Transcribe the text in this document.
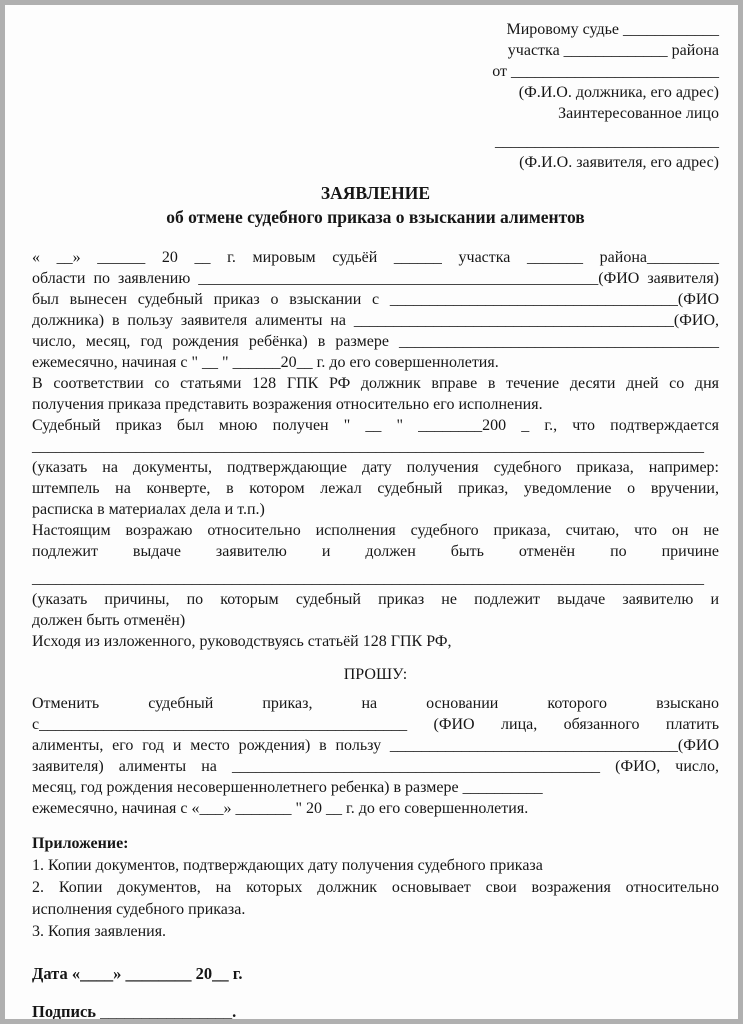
Мировому судье ____________
участка _____________ района
от __________________________
(Ф.И.О. должника, его адрес)
Заинтересованное лицо
____________________________
(Ф.И.О. заявителя, его адрес)
ЗАЯВЛЕНИЕ
об отмене судебного приказа о взыскании алиментов
« __» ______ 20 __ г. мировым судьёй ______ участка _______ района_________
области по заявлению __________________________________________________(ФИО заявителя)
был вынесен судебный приказ о взыскании с ____________________________________(ФИО
должника) в пользу заявителя алименты на ________________________________________(ФИО,
число, месяц, год рождения ребёнка) в размере ________________________________________
ежемесячно, начиная с " __ " ______20__ г. до его совершеннолетия.
В соответствии со статьями 128 ГПК РФ должник вправе в течение десяти дней со дня
получения приказа представить возражения относительно его исполнения.
Судебный приказ был мною получен " __ " ________200 _ г., что подтверждается
____________________________________________________________________________________
(указать на документы, подтверждающие дату получения судебного приказа, например:
штемпель на конверте, в котором лежал судебный приказ, уведомление о вручении,
расписка в материалах дела и т.п.)
Настоящим возражаю относительно исполнения судебного приказа, считаю, что он не
подлежит выдаче заявителю и должен быть отменён по причине
____________________________________________________________________________________
(указать причины, по которым судебный приказ не подлежит выдаче заявителю и
должен быть отменён)
Исходя из изложенного, руководствуясь статьёй 128 ГПК РФ,
ПРОШУ:
Отменить судебный приказ, на основании которого взыскано
с______________________________________________ (ФИО лица, обязанного платить
алименты, его год и место рождения) в пользу ____________________________________(ФИО
заявителя) алименты на ______________________________________________ (ФИО, число,
месяц, год рождения несовершеннолетнего ребенка) в размере __________
ежемесячно, начиная с «___» _______ " 20 __ г. до его совершеннолетия.
Приложение:
1. Копии документов, подтверждающих дату получения судебного приказа
2. Копии документов, на которых должник основывает свои возражения относительно
исполнения судебного приказа.
3. Копия заявления.
Дата «____» ________ 20__ г.
Подпись ________________.
